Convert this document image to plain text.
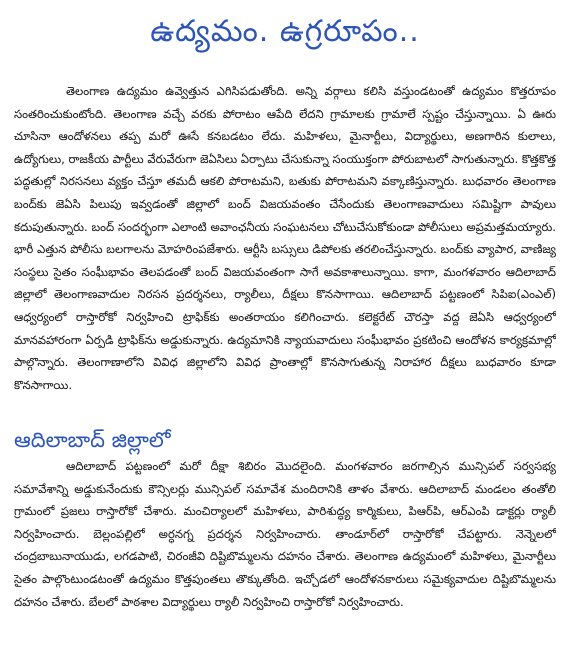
ఉద్యమం. ఉగ్రరూపం..

తెలంగాణ ఉద్యమం ఉవ్వెత్తున ఎగిసిపడుతోంది. అన్ని వర్గాలు కలిసి వస్తుండటంతో ఉద్యమం కొత్తరూపం సంతరించుకుంటోంది. తెలంగాణ వచ్చే వరకు పోరాటం ఆపేది లేదని గ్రామాలకు గ్రామాలే స్పష్టం చేస్తున్నాయి. ఏ ఊరు చూసినా ఆందోళనలు తప్ప మరో ఊసే కనబడటం లేదు. మహిళలు, మైనార్టీలు, విద్యార్థులు, అణగారిన కులాలు, ఉద్యోగులు, రాజకీయ పార్టీలు వేరువేరుగా జెఏసిలు ఏర్పాటు చేసుకున్నా సంయుక్తంగా పోరుబాటలో సాగుతున్నారు. కొత్తకొత్త పద్ధతుల్లో నిరసనలు వ్యక్తం చేస్తూ తమదీ ఆకలి పోరాటమని, బతుకు పోరాటమని వక్కాణిస్తున్నారు. బుధవారం తెలంగాణ బంద్‌కు జెఏసి పిలుపు ఇవ్వడంతో జిల్లాలో బంద్ విజయవంతం చేసేందుకు తెలంగాణవాదులు సమిష్టిగా పావులు కదుపుతున్నారు. బంద్ సందర్భంగా ఎలాంటి అవాంఛనీయ సంఘటనలు చోటుచేసుకోకుండా పోలీసులు అప్రమత్తమయ్యారు. భారీ ఎత్తున పోలీసు బలగాలను మోహరింపజేశారు. ఆర్టీసి బస్సులు డిపోలకు తరలించేస్తున్నారు. బంద్‌కు వ్యాపార, వాణిజ్య సంస్థలు సైతం సంఘీభావం తెలపడంతో బంద్ విజయవంతంగా సాగే అవకాశాలున్నాయి. కాగా, మంగళవారం ఆదిలాబాద్ జిల్లాలో తెలంగాణవాదుల నిరసన ప్రదర్శనలు, ర్యాలీలు, దీక్షలు కొనసాగాయి. ఆదిలాబాద్ పట్టణంలో సిపిఐ(ఎంఎల్) ఆధ్వర్యంలో రాస్తారోకో నిర్వహించి ట్రాఫిక్‌కు అంతరాయం కలిగించారు. కలెక్టరేట్ చౌరస్తా వద్ద జెఏసి ఆధ్వర్యంలో మానవహారంగా ఏర్పడి ట్రాఫిక్‌ను అడ్డుకున్నారు. ఉద్యమానికి న్యాయవాదులు సంఘీభావం ప్రకటించి ఆందోళన కార్యక్రమాల్లో పాల్గొన్నారు. తెలంగాణాలోని వివిధ జిల్లాలోని వివిధ ప్రాంతాల్లో కొనసాగుతున్న నిరాహార దీక్షలు బుధవారం కూడా కొనసాగాయి.

ఆదిలాబాద్ జిల్లాలో

ఆదిలాబాద్ పట్టణంలో మరో దీక్షా శిబిరం మొదలైంది. మంగళవారం జరగాల్సిన మున్సిపల్ సర్వసభ్య సమావేశాన్ని అడ్డుకునేందుకు కౌన్సిలర్లు మున్సిపల్ సమావేశ మందిరానికి తాళం వేశారు. ఆదిలాబాద్ మండలం తంతోలి గ్రామంలో ప్రజలు రాస్తారోకో చేశారు. మంచిర్యాలలో మహిళలు, పారిశుద్ధ్య కార్మికులు, పిఆర్‌పి, ఆర్‌ఎంపి డాక్టర్లు ర్యాలీ నిర్వహించారు. బెల్లంపల్లిలో అర్ధనగ్న ప్రదర్శన నిర్వహించారు. తాండూర్‌లో రాస్తారోకో చేపట్టారు. నెన్నెలలో చంద్రబాబునాయుడు, లగడపాటి, చిరంజీవి దిష్టిబొమ్మలను దహనం చేశారు. తెలంగాణ ఉద్యమంలో మహిళలు, మైనార్టీలు సైతం పాల్గొంటుండటంతో ఉద్యమం కొత్తపుంతలు తొక్కుతోంది. ఇచ్చోడలో ఆందోళనకారులు సమైక్యవాదుల దిష్టిబొమ్మలను దహనం చేశారు. బేలలో పాఠశాల విద్యార్థులు ర్యాలీ నిర్వహించి రాస్తారోకో నిర్వహించారు.
